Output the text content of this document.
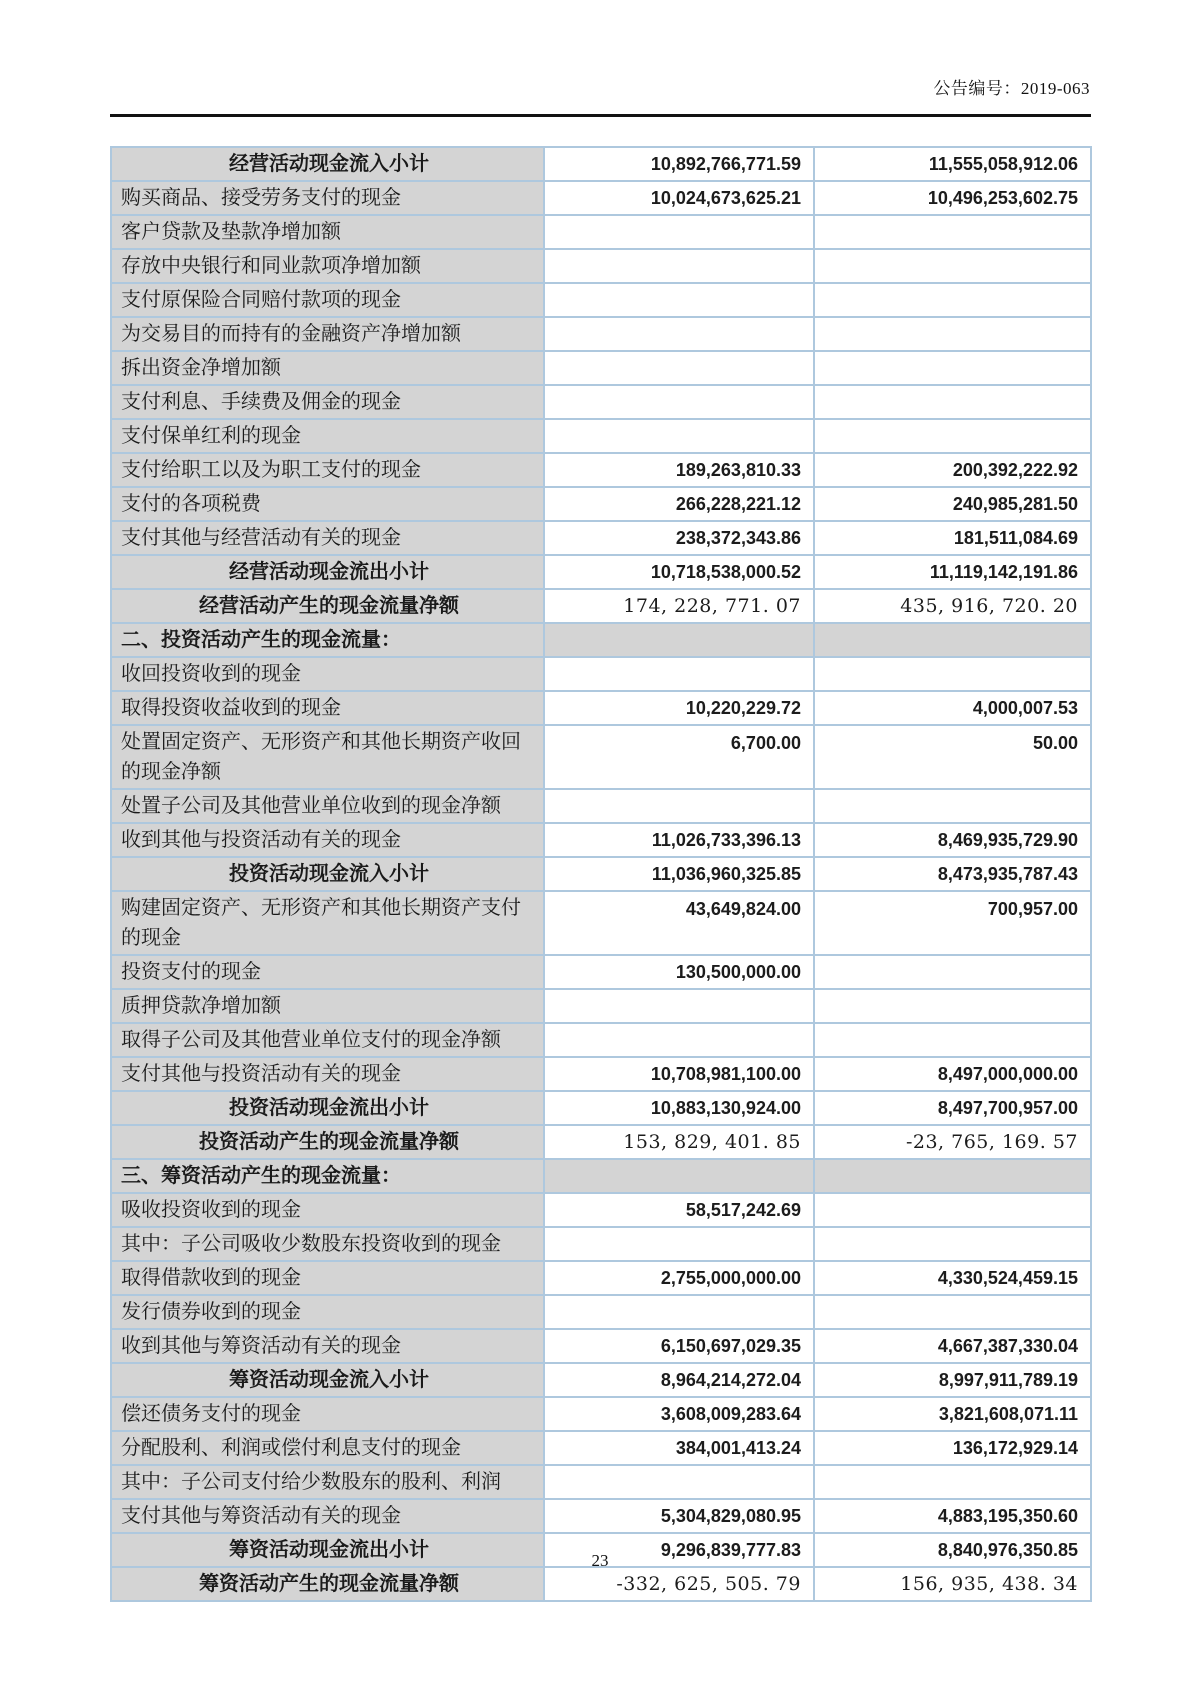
公告编号：2019-063
经营活动现金流入小计	10,892,766,771.59	11,555,058,912.06
购买商品、接受劳务支付的现金	10,024,673,625.21	10,496,253,602.75
客户贷款及垫款净增加额		
存放中央银行和同业款项净增加额		
支付原保险合同赔付款项的现金		
为交易目的而持有的金融资产净增加额		
拆出资金净增加额		
支付利息、手续费及佣金的现金		
支付保单红利的现金		
支付给职工以及为职工支付的现金	189,263,810.33	200,392,222.92
支付的各项税费	266,228,221.12	240,985,281.50
支付其他与经营活动有关的现金	238,372,343.86	181,511,084.69
经营活动现金流出小计	10,718,538,000.52	11,119,142,191.86
经营活动产生的现金流量净额	174, 228, 771. 07	435, 916, 720. 20
二、投资活动产生的现金流量：		
收回投资收到的现金		
取得投资收益收到的现金	10,220,229.72	4,000,007.53
处置固定资产、无形资产和其他长期资产收回的现金净额	6,700.00	50.00
处置子公司及其他营业单位收到的现金净额		
收到其他与投资活动有关的现金	11,026,733,396.13	8,469,935,729.90
投资活动现金流入小计	11,036,960,325.85	8,473,935,787.43
购建固定资产、无形资产和其他长期资产支付的现金	43,649,824.00	700,957.00
投资支付的现金	130,500,000.00	
质押贷款净增加额		
取得子公司及其他营业单位支付的现金净额		
支付其他与投资活动有关的现金	10,708,981,100.00	8,497,000,000.00
投资活动现金流出小计	10,883,130,924.00	8,497,700,957.00
投资活动产生的现金流量净额	153, 829, 401. 85	-23, 765, 169. 57
三、筹资活动产生的现金流量：		
吸收投资收到的现金	58,517,242.69	
其中：子公司吸收少数股东投资收到的现金		
取得借款收到的现金	2,755,000,000.00	4,330,524,459.15
发行债券收到的现金		
收到其他与筹资活动有关的现金	6,150,697,029.35	4,667,387,330.04
筹资活动现金流入小计	8,964,214,272.04	8,997,911,789.19
偿还债务支付的现金	3,608,009,283.64	3,821,608,071.11
分配股利、利润或偿付利息支付的现金	384,001,413.24	136,172,929.14
其中：子公司支付给少数股东的股利、利润		
支付其他与筹资活动有关的现金	5,304,829,080.95	4,883,195,350.60
筹资活动现金流出小计	9,296,839,777.83	8,840,976,350.85
筹资活动产生的现金流量净额	-332, 625, 505. 79	156, 935, 438. 34
23
